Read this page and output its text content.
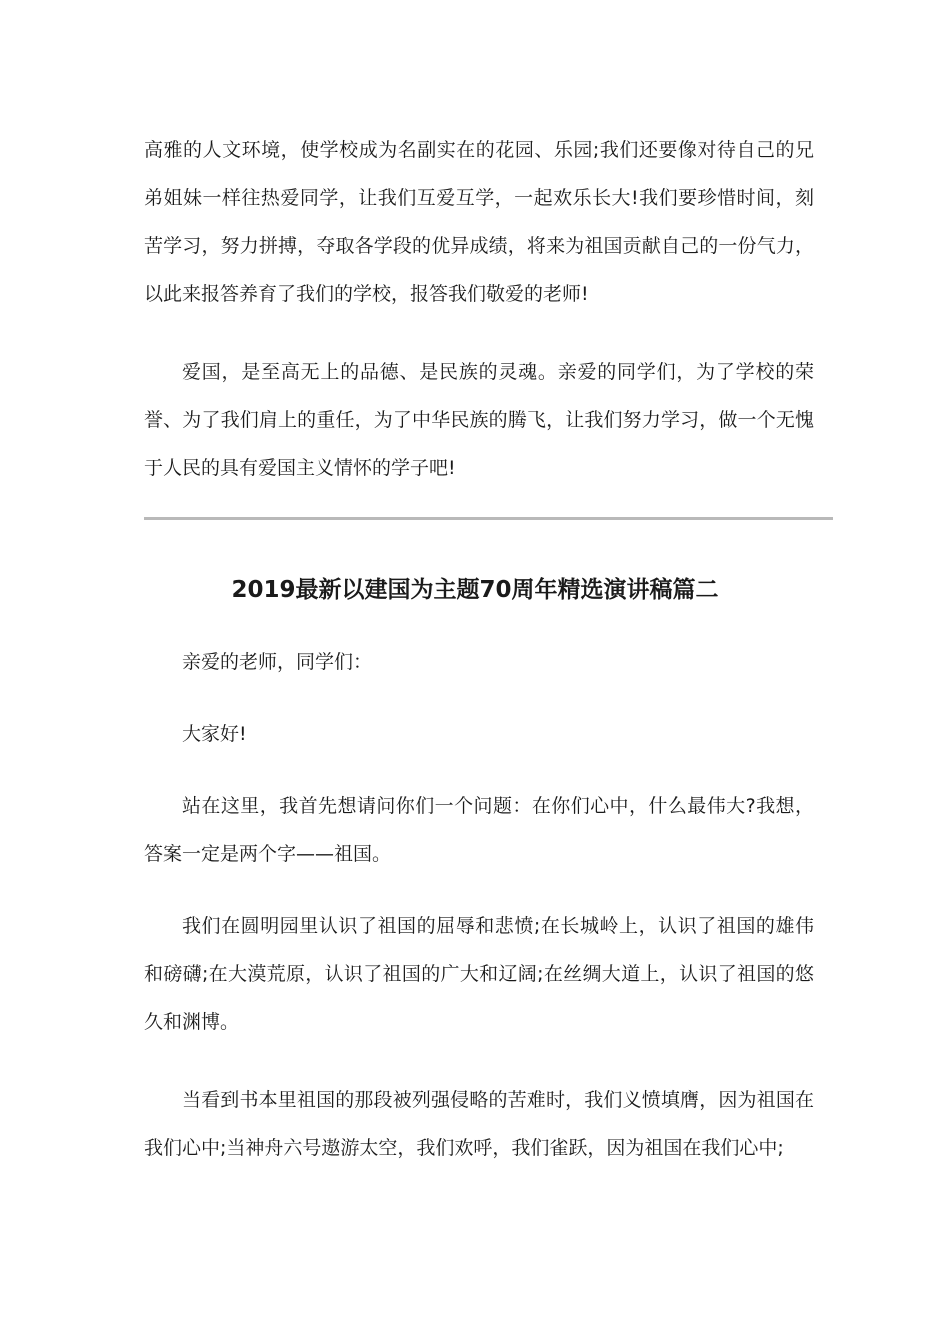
高雅的人文环境，使学校成为名副实在的花园、乐园;我们还要像对待自己的兄弟姐妹一样往热爱同学，让我们互爱互学，一起欢乐长大!我们要珍惜时间，刻苦学习，努力拼搏，夺取各学段的优异成绩，将来为祖国贡献自己的一份气力，以此来报答养育了我们的学校，报答我们敬爱的老师!

爱国，是至高无上的品德、是民族的灵魂。亲爱的同学们，为了学校的荣誉、为了我们肩上的重任，为了中华民族的腾飞，让我们努力学习，做一个无愧于人民的具有爱国主义情怀的学子吧!

2019最新以建国为主题70周年精选演讲稿篇二

亲爱的老师，同学们：

大家好!

站在这里，我首先想请问你们一个问题：在你们心中，什么最伟大?我想，答案一定是两个字——祖国。

我们在圆明园里认识了祖国的屈辱和悲愤;在长城岭上，认识了祖国的雄伟和磅礴;在大漠荒原，认识了祖国的广大和辽阔;在丝绸大道上，认识了祖国的悠久和渊博。

当看到书本里祖国的那段被列强侵略的苦难时，我们义愤填膺，因为祖国在我们心中;当神舟六号遨游太空，我们欢呼，我们雀跃，因为祖国在我们心中;
